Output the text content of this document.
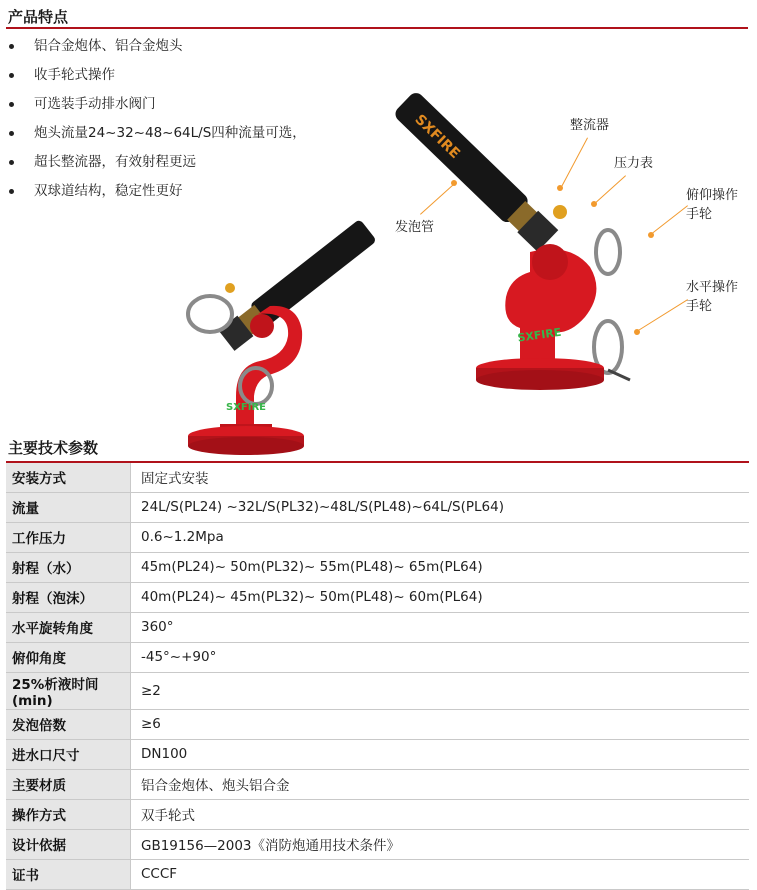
产品特点
铝合金炮体、铝合金炮头
收手轮式操作
可选装手动排水阀门
炮头流量24~32~48~64L/S四种流量可选，
超长整流器，有效射程更远
双球道结构，稳定性更好
SXFIRE
SXFIRE
SXFIRE
整流器
压力表
俯仰操作
手轮
发泡管
水平操作
手轮
主要技术参数
安装方式	固定式安装
流量	24L/S(PL24) ~32L/S(PL32)~48L/S(PL48)~64L/S(PL64)
工作压力	0.6~1.2Mpa
射程（水）	45m(PL24)~ 50m(PL32)~ 55m(PL48)~ 65m(PL64)
射程（泡沫）	40m(PL24)~ 45m(PL32)~ 50m(PL48)~ 60m(PL64)
水平旋转角度	360°
俯仰角度	-45°~+90°
25%析液时间(min)	≥2
发泡倍数	≥6
进水口尺寸	DN100
主要材质	铝合金炮体、炮头铝合金
操作方式	双手轮式
设计依据	GB19156—2003《消防炮通用技术条件》
证书	CCCF
